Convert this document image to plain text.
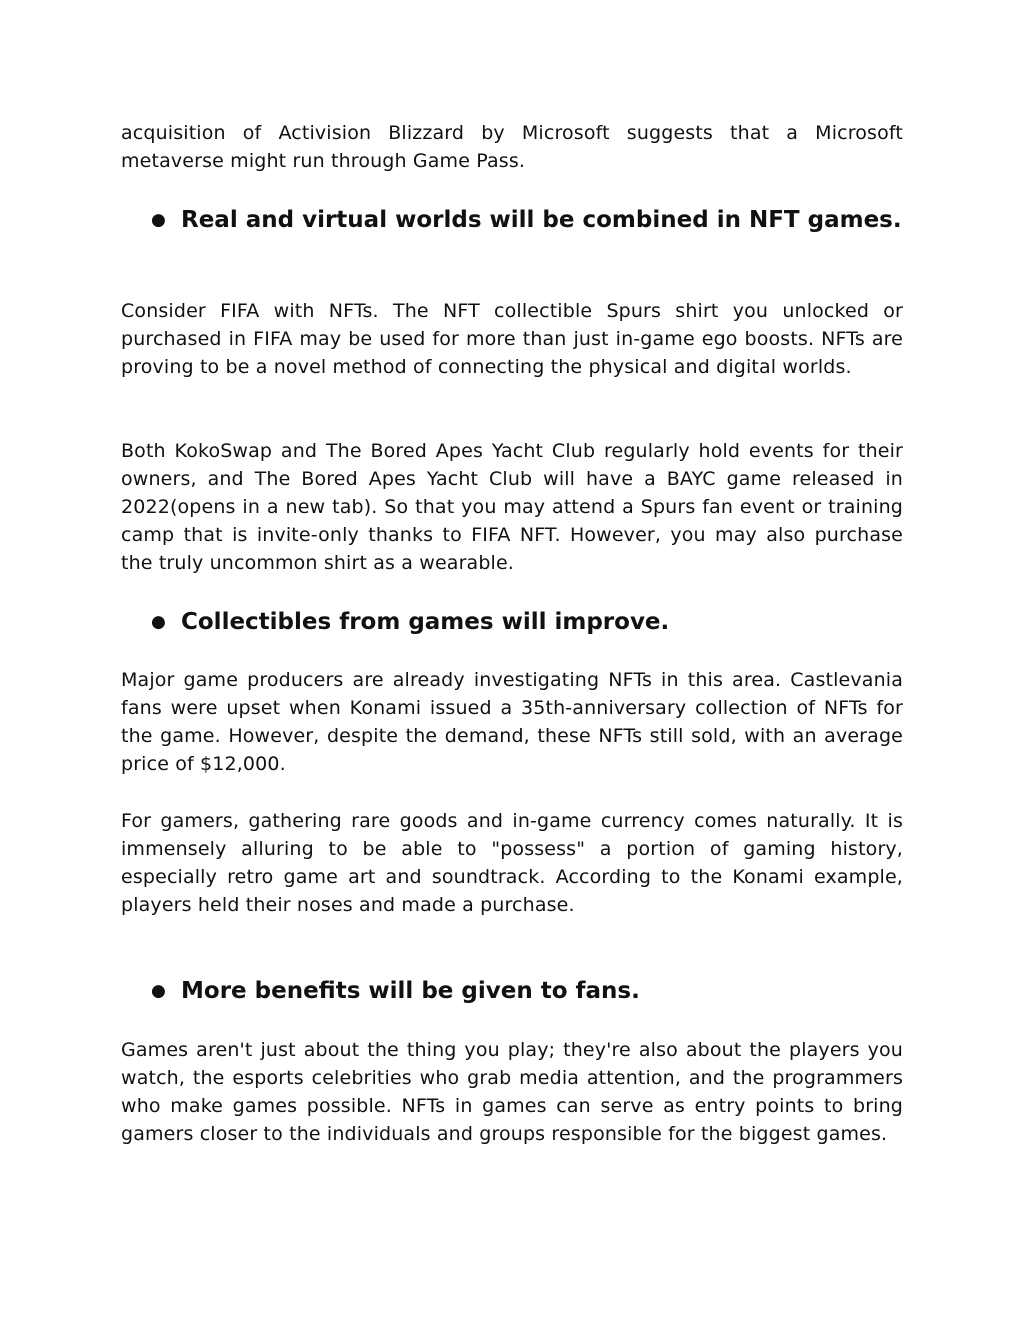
acquisition of Activision Blizzard by Microsoft suggests that a Microsoft metaverse might run through Game Pass.

● Real and virtual worlds will be combined in NFT games.

Consider FIFA with NFTs. The NFT collectible Spurs shirt you unlocked or purchased in FIFA may be used for more than just in-game ego boosts. NFTs are proving to be a novel method of connecting the physical and digital worlds.

Both KokoSwap and The Bored Apes Yacht Club regularly hold events for their owners, and The Bored Apes Yacht Club will have a BAYC game released in 2022(opens in a new tab). So that you may attend a Spurs fan event or training camp that is invite-only thanks to FIFA NFT. However, you may also purchase the truly uncommon shirt as a wearable.

● Collectibles from games will improve.

Major game producers are already investigating NFTs in this area. Castlevania fans were upset when Konami issued a 35th-anniversary collection of NFTs for the game. However, despite the demand, these NFTs still sold, with an average price of $12,000.

For gamers, gathering rare goods and in-game currency comes naturally. It is immensely alluring to be able to "possess" a portion of gaming history, especially retro game art and soundtrack. According to the Konami example, players held their noses and made a purchase.

● More benefits will be given to fans.

Games aren't just about the thing you play; they're also about the players you watch, the esports celebrities who grab media attention, and the programmers who make games possible. NFTs in games can serve as entry points to bring gamers closer to the individuals and groups responsible for the biggest games.
